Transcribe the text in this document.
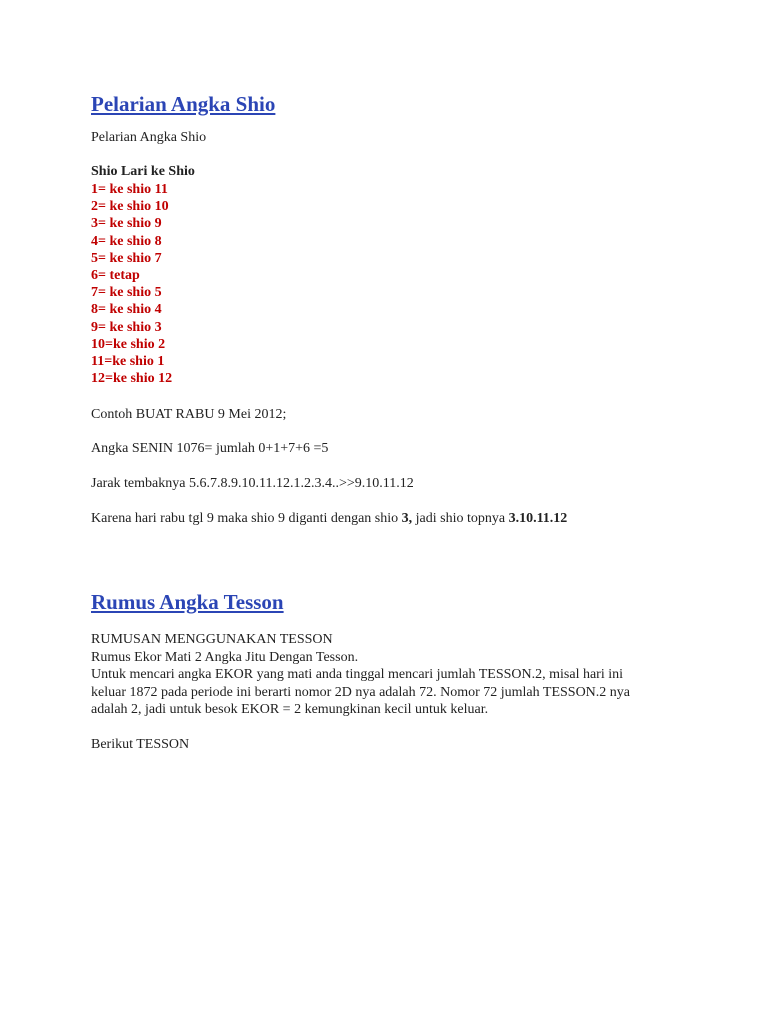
Pelarian Angka Shio
Pelarian Angka Shio
Shio Lari ke Shio
1= ke shio 11
2= ke shio 10
3= ke shio 9
4= ke shio 8
5= ke shio 7
6= tetap
7= ke shio 5
8= ke shio 4
9= ke shio 3
10=ke shio 2
11=ke shio 1
12=ke shio 12
Contoh BUAT RABU 9 Mei 2012;
Angka SENIN 1076= jumlah 0+1+7+6 =5
Jarak tembaknya 5.6.7.8.9.10.11.12.1.2.3.4..>>9.10.11.12
Karena hari rabu tgl 9 maka shio 9 diganti dengan shio 3, jadi shio topnya 3.10.11.12
Rumus Angka Tesson
RUMUSAN MENGGUNAKAN TESSON
Rumus Ekor Mati 2 Angka Jitu Dengan Tesson.
Untuk mencari angka EKOR yang mati anda tinggal mencari jumlah TESSON.2, misal hari ini
keluar 1872 pada periode ini berarti nomor 2D nya adalah 72. Nomor 72 jumlah TESSON.2 nya
adalah 2, jadi untuk besok EKOR = 2 kemungkinan kecil untuk keluar.
Berikut TESSON
